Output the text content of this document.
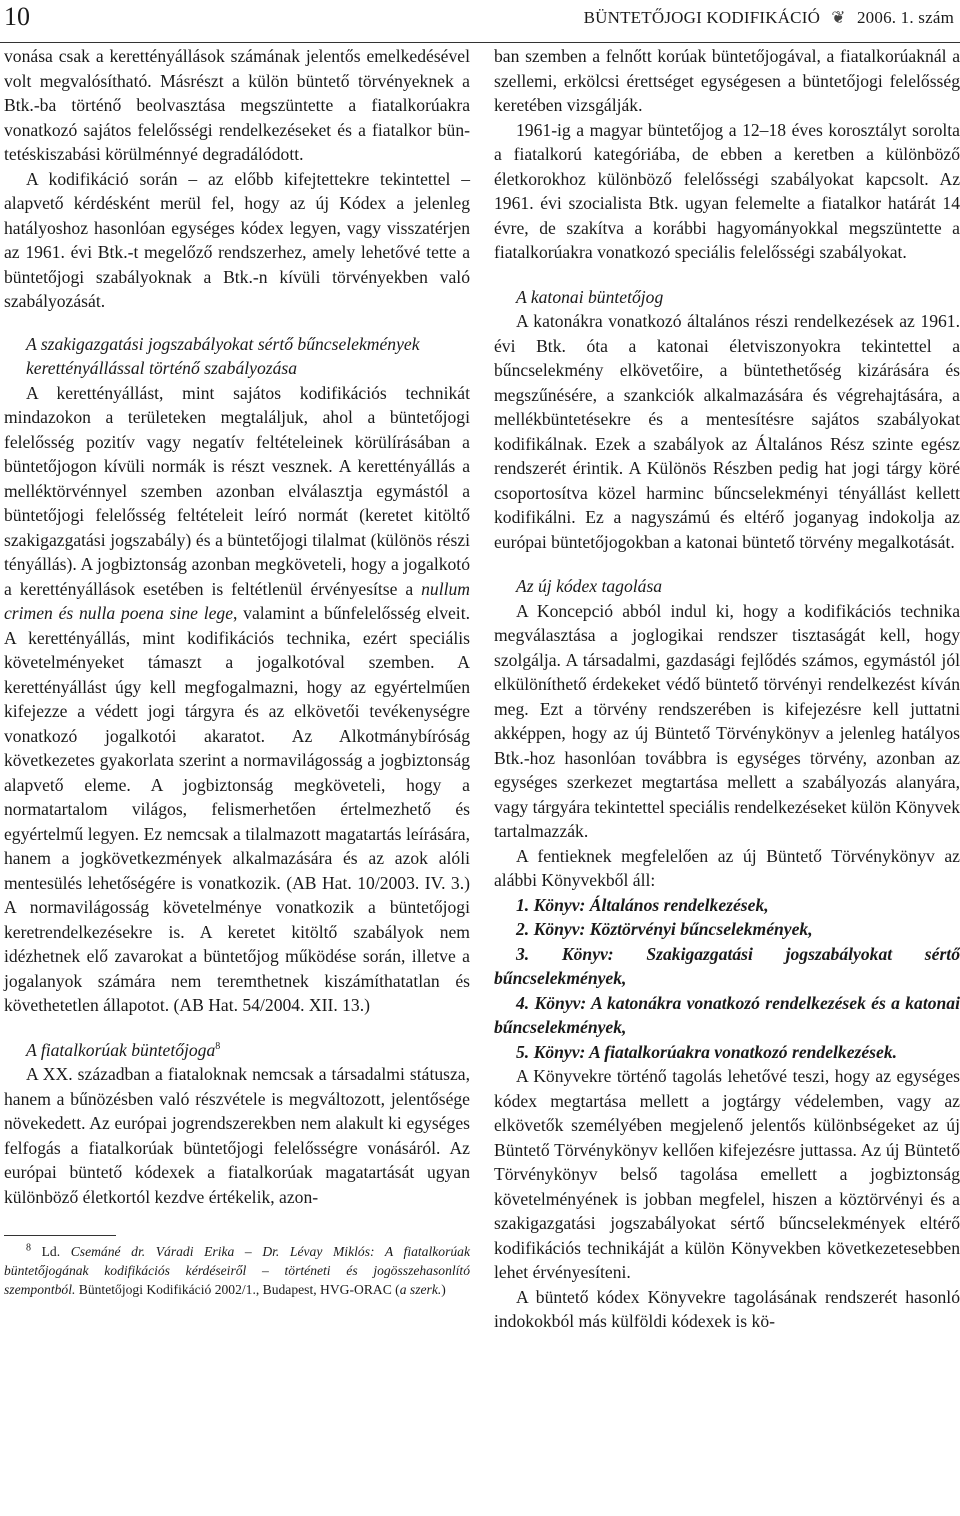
10	BÜNTETŐJOGI KODIFIKÁCIÓ ❦ 2006. 1. szám

vonása csak a kerettényállások számának jelentős emelkedésével volt megvalósítható. Másrészt a külön büntető törvényeknek a Btk.-ba történő beolvasztása megszüntette a fiatalkorúakra vonatkozó sajátos felelősségi rendelkezéseket és a fiatalkor büntetéskiszabási körülménnyé degradálódott.

A kodifikáció során – az előbb kifejtettekre tekintettel – alapvető kérdésként merül fel, hogy az új Kódex a jelenleg hatályoshoz hasonlóan egységes kódex legyen, vagy visszatérjen az 1961. évi Btk.-t megelőző rendszerhez, amely lehetővé tette a büntetőjogi szabályoknak a Btk.-n kívüli törvényekben való szabályozását.

A szakigazgatási jogszabályokat sértő bűncselekmények kerettényállással történő szabályozása

A kerettényállást, mint sajátos kodifikációs technikát mindazokon a területeken megtaláljuk, ahol a büntetőjogi felelősség pozitív vagy negatív feltételeinek körülírásában a büntetőjogon kívüli normák is részt vesznek. A kerettényállás a melléktörvénnyel szemben azonban elválasztja egymástól a büntetőjogi felelősség feltételeit leíró normát (keretet kitöltő szakigazgatási jogszabály) és a büntetőjogi tilalmat (különös részi tényállás). A jogbiztonság azonban megköveteli, hogy a jogalkotó a kerettényállások esetében is feltétlenül érvényesítse a nullum crimen és nulla poena sine lege, valamint a bűnfelelősség elveit. A kerettényállás, mint kodifikációs technika, ezért speciális követelményeket támaszt a jogalkotóval szemben. A kerettényállást úgy kell megfogalmazni, hogy az egyértelműen kifejezze a védett jogi tárgyra és az elkövetői tevékenységre vonatkozó jogalkotói akaratot. Az Alkotmánybíróság következetes gyakorlata szerint a normavilágosság a jogbiztonság alapvető eleme. A jogbiztonság megköveteli, hogy a normatartalom világos, felismerhetően értelmezhető és egyértelmű legyen. Ez nemcsak a tilalmazott magatartás leírására, hanem a jogkövetkezmények alkalmazására és az azok alóli mentesülés lehetőségére is vonatkozik. (AB Hat. 10/2003. IV. 3.) A normavilágosság követelménye vonatkozik a büntetőjogi keretrendelkezésekre is. A keretet kitöltő szabályok nem idézhetnek elő zavarokat a büntetőjog működése során, illetve a jogalanyok számára nem teremthetnek kiszámíthatatlan és követhetetlen állapotot. (AB Hat. 54/2004. XII. 13.)

A fiatalkorúak büntetőjoga$^8$

A XX. században a fiataloknak nemcsak a társadalmi státusza, hanem a bűnözésben való részvétele is megváltozott, jelentősége növekedett. Az európai jogrendszerekben nem alakult ki egységes felfogás a fiatalkorúak büntetőjogi felelősségre vonásáról. Az európai büntető kódexek a fiatalkorúak magatartását ugyan különböző életkortól kezdve értékelik, azon-

$^8$ Ld. Csemáné dr. Váradi Erika – Dr. Lévay Miklós: A fiatalkorúak büntetőjogának kodifikációs kérdéseiről – történeti és jogösszehasonlító szempontból. Büntetőjogi Kodifikáció 2002/1., Budapest, HVG-ORAC (a szerk.)

ban szemben a felnőtt korúak büntetőjogával, a fiatalkorúaknál a szellemi, erkölcsi érettséget egységesen a büntetőjogi felelősség keretében vizsgálják.

1961-ig a magyar büntetőjog a 12–18 éves korosztályt sorolta a fiatalkorú kategóriába, de ebben a keretben a különböző életkorokhoz különböző felelősségi szabályokat kapcsolt. Az 1961. évi szocialista Btk. ugyan felemelte a fiatalkor határát 14 évre, de szakítva a korábbi hagyományokkal megszüntette a fiatalkorúakra vonatkozó speciális felelősségi szabályokat.

A katonai büntetőjog

A katonákra vonatkozó általános részi rendelkezések az 1961. évi Btk. óta a katonai életviszonyokra tekintettel a bűncselekmény elkövetőire, a büntethetőség kizárására és megszűnésére, a szankciók alkalmazására és végrehajtására, a mellékbüntetésekre és a mentesítésre sajátos szabályokat kodifikálnak. Ezek a szabályok az Általános Rész szinte egész rendszerét érintik. A Különös Részben pedig hat jogi tárgy köré csoportosítva közel harminc bűncselekményi tényállást kellett kodifikálni. Ez a nagyszámú és eltérő joganyag indokolja az európai büntetőjogokban a katonai büntető törvény megalkotását.

Az új kódex tagolása

A Koncepció abból indul ki, hogy a kodifikációs technika megválasztása a joglogikai rendszer tisztaságát kell, hogy szolgálja. A társadalmi, gazdasági fejlődés számos, egymástól jól elkülöníthető érdekeket védő büntető törvényi rendelkezést kíván meg. Ezt a törvény rendszerében is kifejezésre kell juttatni akképpen, hogy az új Büntető Törvénykönyv a jelenleg hatályos Btk.-hoz hasonlóan továbbra is egységes törvény, azonban az egységes szerkezet megtartása mellett a szabályozás alanyára, vagy tárgyára tekintettel speciális rendelkezéseket külön Könyvek tartalmazzák.

A fentieknek megfelelően az új Büntető Törvénykönyv az alábbi Könyvekből áll:

1. Könyv: Általános rendelkezések,

2. Könyv: Köztörvényi bűncselekmények,

3. Könyv: Szakigazgatási jogszabályokat sértő bűncselekmények,

4. Könyv: A katonákra vonatkozó rendelkezések és a katonai bűncselekmények,

5. Könyv: A fiatalkorúakra vonatkozó rendelkezések.

A Könyvekre történő tagolás lehetővé teszi, hogy az egységes kódex megtartása mellett a jogtárgy védelemben, vagy az elkövetők személyében megjelenő jelentős különbségeket az új Büntető Törvénykönyv kellően kifejezésre juttassa. Az új Büntető Törvénykönyv belső tagolása emellett a jogbiztonság követelményének is jobban megfelel, hiszen a köztörvényi és a szakigazgatási jogszabályokat sértő bűncselekmények eltérő kodifikációs technikáját a külön Könyvekben következetesebben lehet érvényesíteni.

A büntető kódex Könyvekre tagolásának rendszerét hasonló indokokból más külföldi kódexek is kö-
